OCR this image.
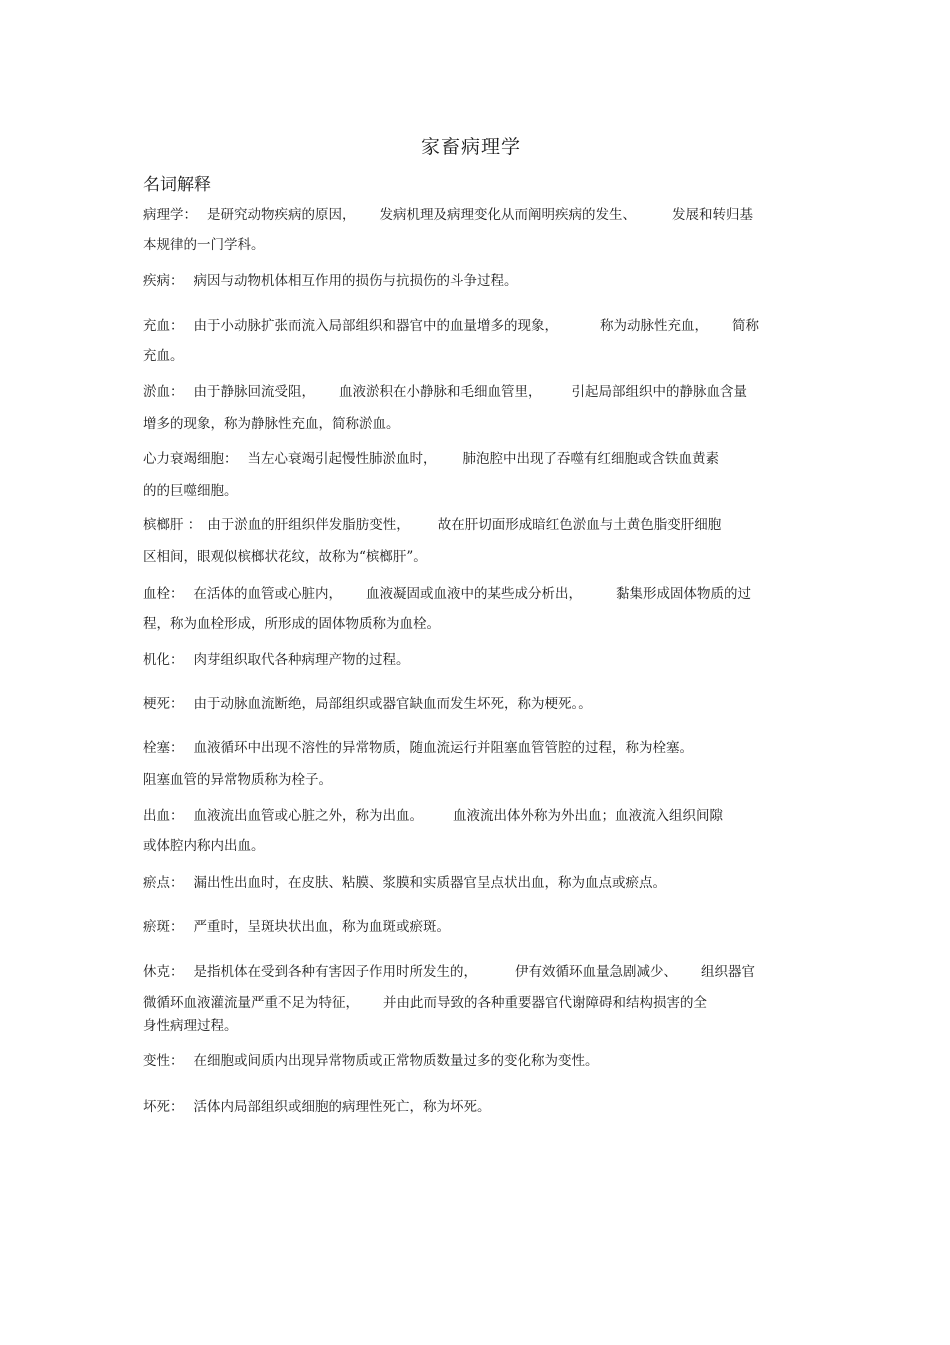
家畜病理学
名词解释
病理学： 是研究动物疾病的原因， 发病机理及病理变化从而阐明疾病的发生、	发展和转归基
本规律的一门学科。
疾病： 病因与动物机体相互作用的损伤与抗损伤的斗争过程。
充血： 由于小动脉扩张而流入局部组织和器官中的血量增多的现象，	称为动脉性充血， 简称
充血。
淤血： 由于静脉回流受阻， 血液淤积在小静脉和毛细血管里， 引起局部组织中的静脉血含量
增多的现象，称为静脉性充血，简称淤血。
心力衰竭细胞： 当左心衰竭引起慢性肺淤血时， 肺泡腔中出现了吞噬有红细胞或含铁血黄素
的的巨噬细胞。
槟榔肝 ： 由于淤血的肝组织伴发脂肪变性， 故在肝切面形成暗红色淤血与土黄色脂变肝细胞
区相间，眼观似槟榔状花纹，故称为“槟榔肝”。
血栓： 在活体的血管或心脏内， 血液凝固或血液中的某些成分析出，	黏集形成固体物质的过
程，称为血栓形成，所形成的固体物质称为血栓。
机化： 肉芽组织取代各种病理产物的过程。
梗死： 由于动脉血流断绝，局部组织或器官缺血而发生坏死，称为梗死。。
栓塞： 血液循环中出现不溶性的异常物质，随血流运行并阻塞血管管腔的过程，称为栓塞。
阻塞血管的异常物质称为栓子。
出血： 血液流出血管或心脏之外，称为出血。 血液流出体外称为外出血；血液流入组织间隙
或体腔内称内出血。
瘀点： 漏出性出血时，在皮肤、粘膜、浆膜和实质器官呈点状出血，称为血点或瘀点。
瘀斑： 严重时，呈斑块状出血，称为血斑或瘀斑。
休克： 是指机体在受到各种有害因子作用时所发生的，	伊有效循环血量急剧减少、 组织器官
微循环血液灌流量严重不足为特征， 并由此而导致的各种重要器官代谢障碍和结构损害的全
身性病理过程。
变性： 在细胞或间质内出现异常物质或正常物质数量过多的变化称为变性。
坏死： 活体内局部组织或细胞的病理性死亡，称为坏死。
